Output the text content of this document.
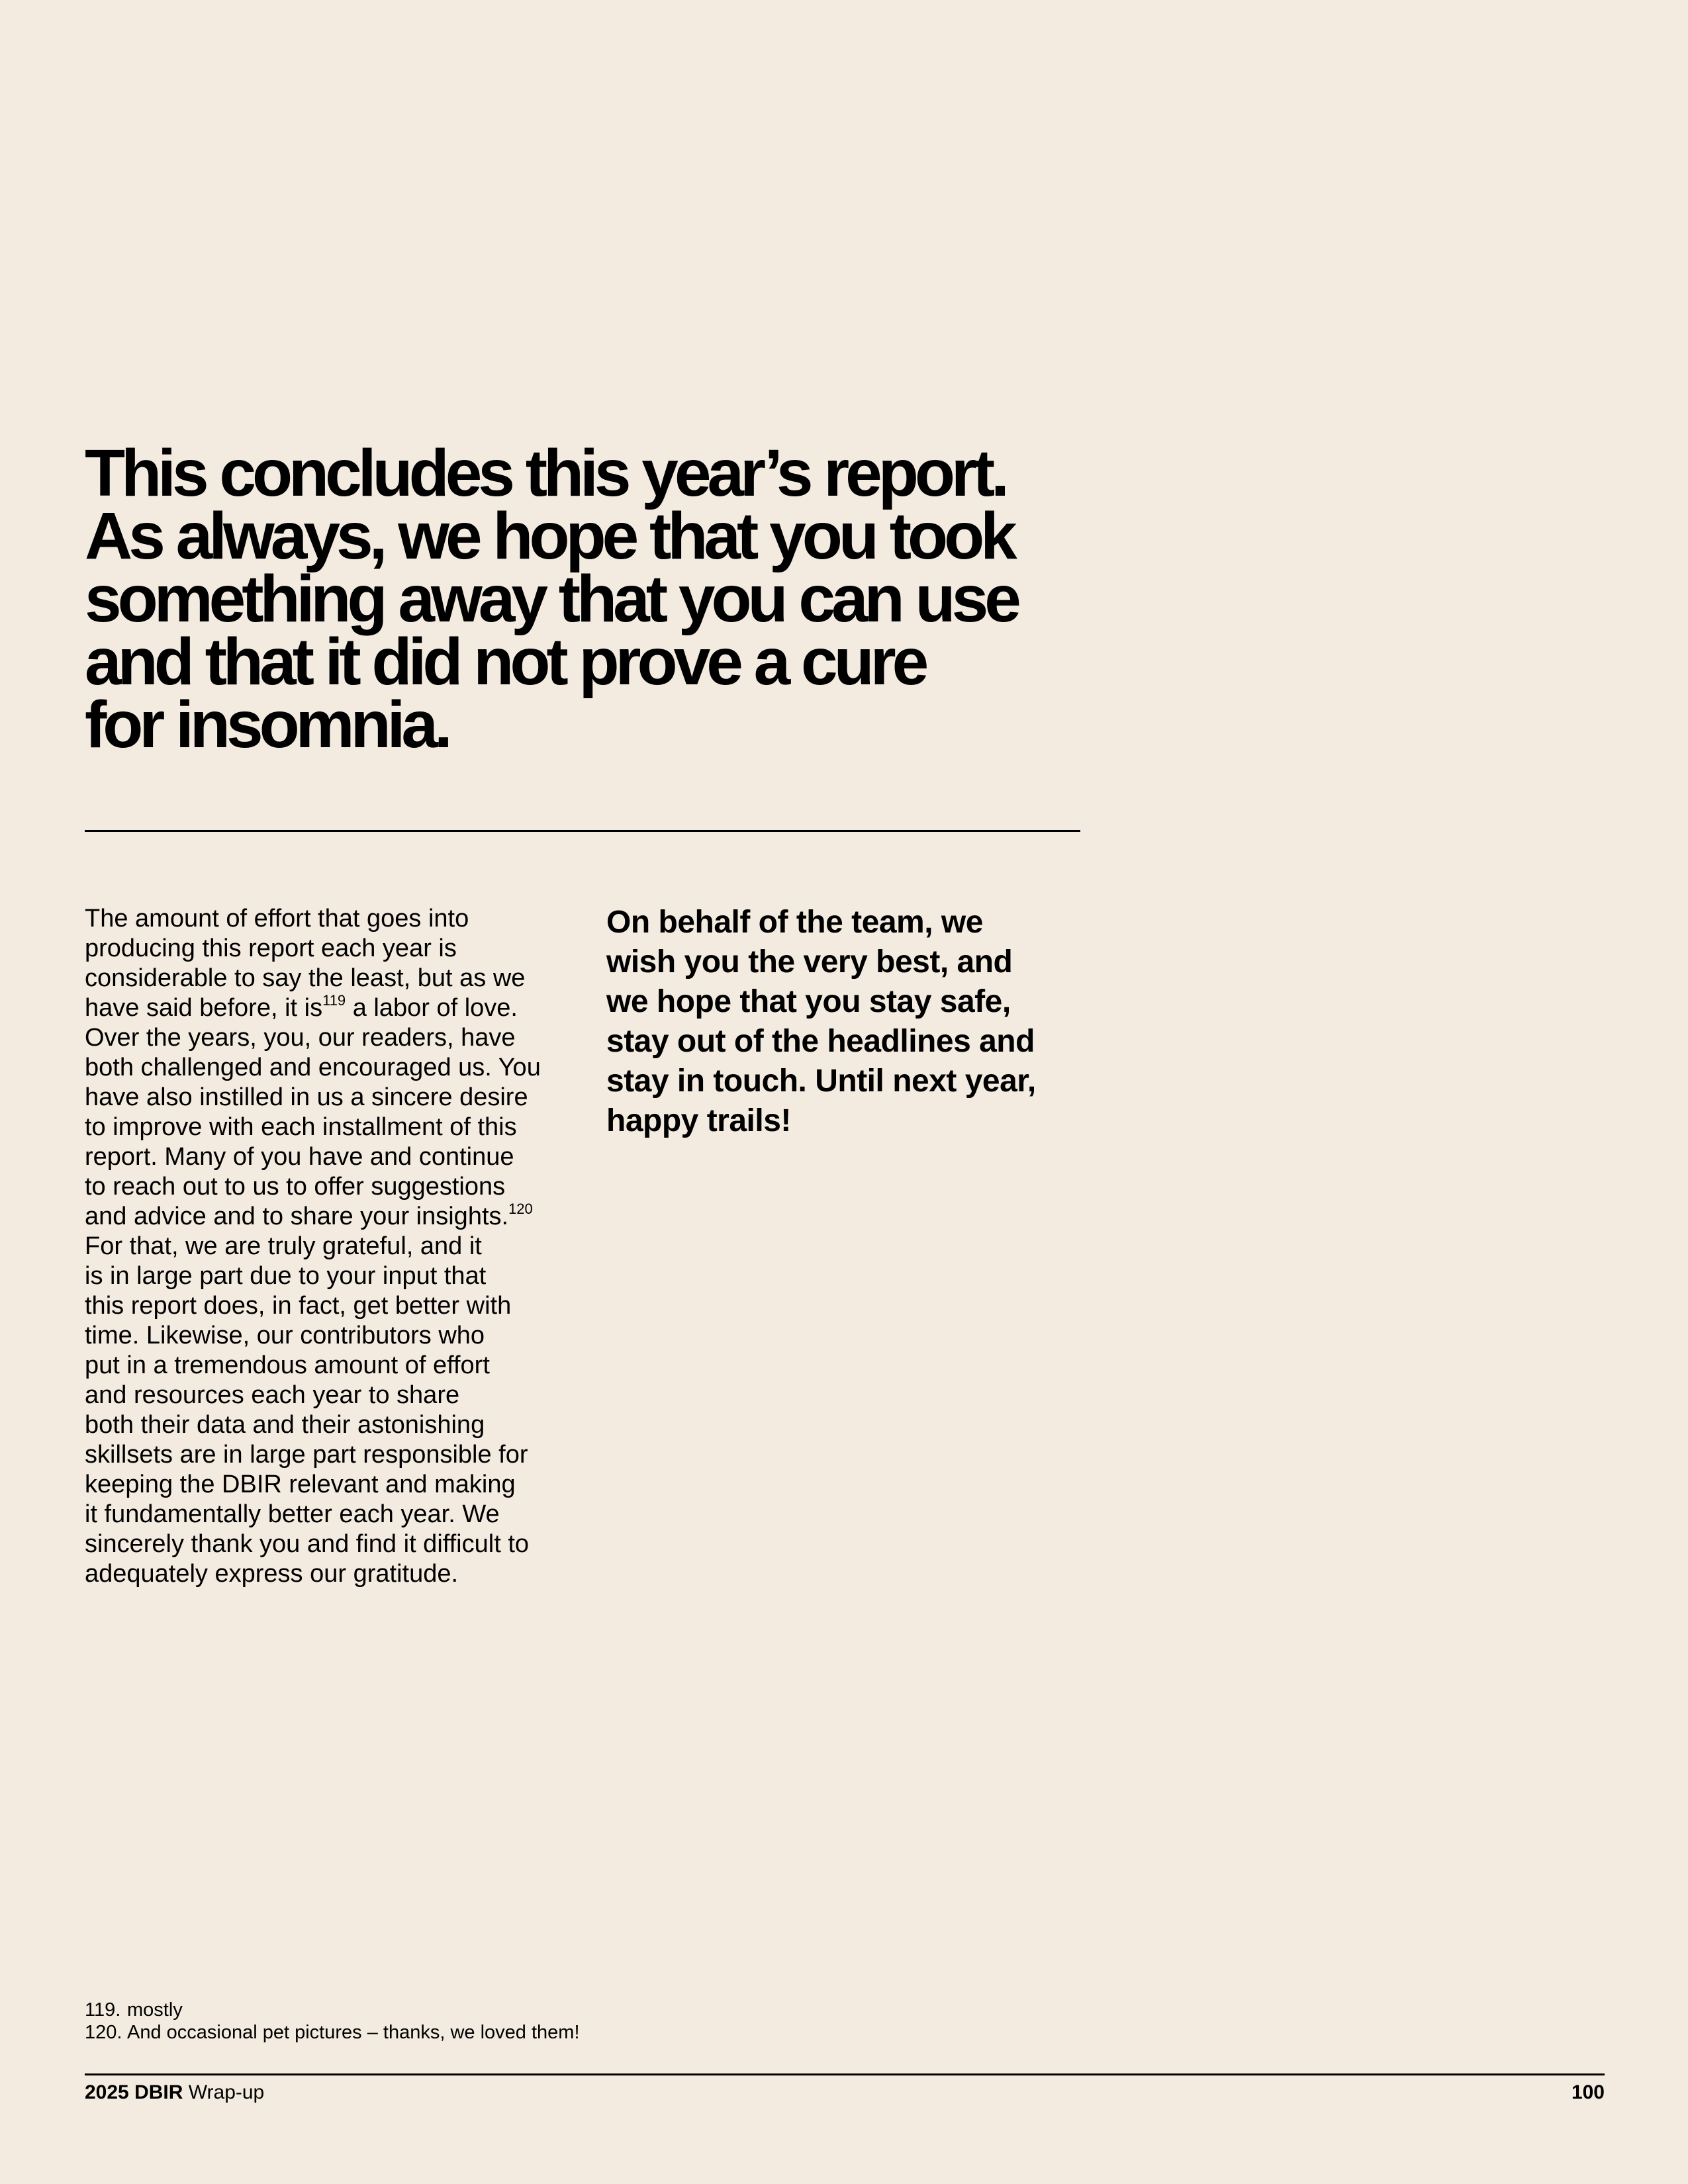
This concludes this year’s report.
As always, we hope that you took
something away that you can use
and that it did not prove a cure
for insomnia.
The amount of effort that goes into
producing this report each year is
considerable to say the least, but as we
have said before, it $is^{119}$ a labor of love.
Over the years, you, our readers, have
both challenged and encouraged us. You
have also instilled in us a sincere desire
to improve with each installment of this
report. Many of you have and continue
to reach out to us to offer suggestions
and advice and to share your insights.$^{120}$
For that, we are truly grateful, and it
is in large part due to your input that
this report does, in fact, get better with
time. Likewise, our contributors who
put in a tremendous amount of effort
and resources each year to share
both their data and their astonishing
skillsets are in large part responsible for
keeping the DBIR relevant and making
it fundamentally better each year. We
sincerely thank you and find it difficult to
adequately express our gratitude.
On behalf of the team, we
wish you the very best, and
we hope that you stay safe,
stay out of the headlines and
stay in touch. Until next year,
happy trails!
119. mostly
120. And occasional pet pictures – thanks, we loved them!
2025 DBIR Wrap-up	100
